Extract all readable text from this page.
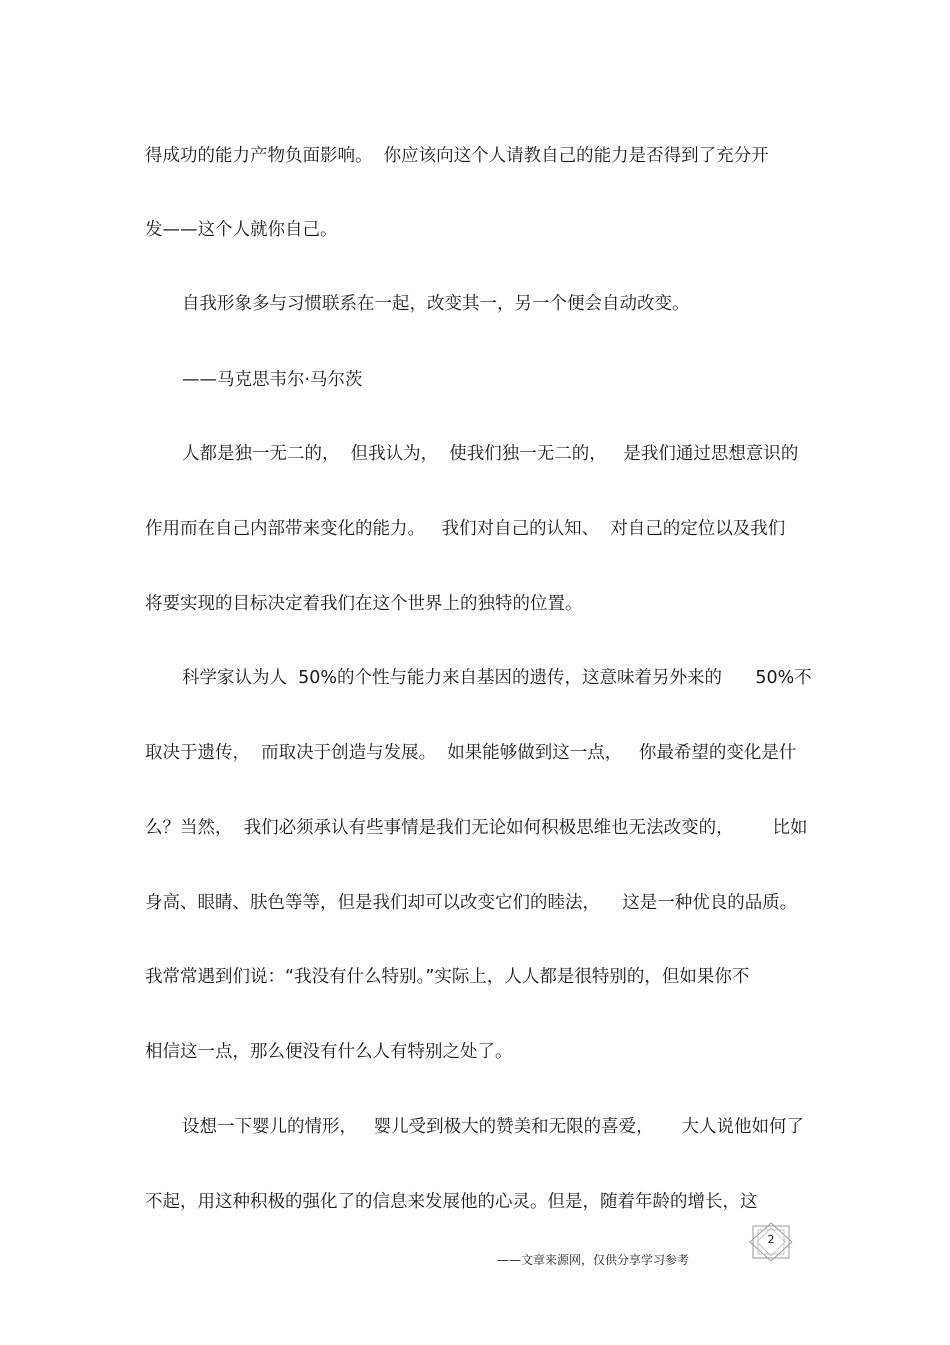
得成功的能力产物负面影响。  你应该向这个人请教自己的能力是否得到了充分开
发——这个人就你自己。
自我形象多与习惯联系在一起，改变其一，另一个便会自动改变。
——马克思韦尔·马尔茨
人都是独一无二的，  但我认为，  使我们独一无二的，   是我们通过思想意识的
作用而在自己内部带来变化的能力。   我们对自己的认知、  对自己的定位以及我们
将要实现的目标决定着我们在这个世界上的独特的位置。
科学家认为人  50%的个性与能力来自基因的遗传，这意味着另外来的      50%不
取决于遗传，  而取决于创造与发展。  如果能够做到这一点，   你最希望的变化是什
么？当然，  我们必须承认有些事情是我们无论如何积极思维也无法改变的，       比如
身高、眼睛、肤色等等，但是我们却可以改变它们的睦法，    这是一种优良的品质。
我常常遇到们说：“我没有什么特别。”实际上，人人都是很特别的，但如果你不
相信这一点，那么便没有什么人有特别之处了。
设想一下婴儿的情形，   婴儿受到极大的赞美和无限的喜爱，     大人说他如何了
不起，用这种积极的强化了的信息来发展他的心灵。但是，随着年龄的增长，这
——文章来源网，仅供分享学习参考
2
